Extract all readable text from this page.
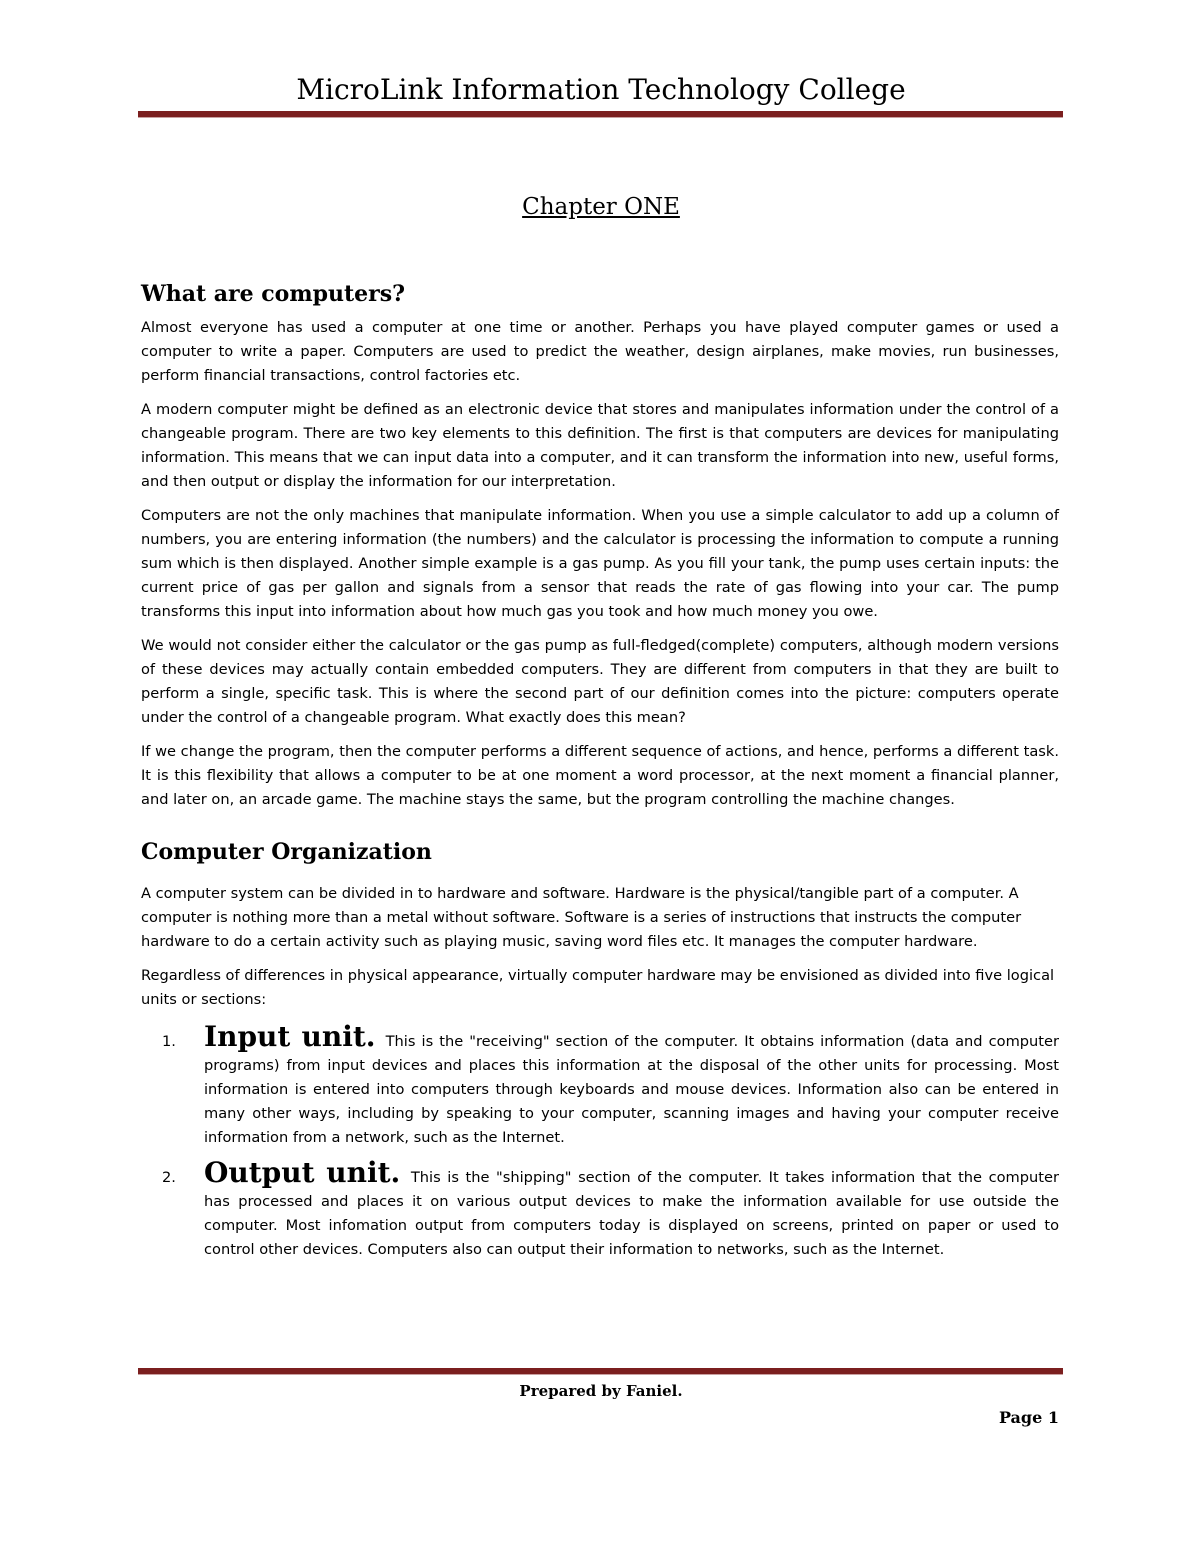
MicroLink Information Technology College
Chapter ONE
What are computers?

Almost everyone has used a computer at one time or another. Perhaps you have played computer games or used a computer to write a paper. Computers are used to predict the weather, design airplanes, make movies, run businesses, perform financial transactions, control factories etc.

A modern computer might be defined as an electronic device that stores and manipulates information under the control of a changeable program. There are two key elements to this definition. The first is that computers are devices for manipulating information. This means that we can input data into a computer, and it can transform the information into new, useful forms, and then output or display the information for our interpretation.

Computers are not the only machines that manipulate information. When you use a simple calculator to add up a column of numbers, you are entering information (the numbers) and the calculator is processing the information to compute a running sum which is then displayed. Another simple example is a gas pump. As you fill your tank, the pump uses certain inputs: the current price of gas per gallon and signals from a sensor that reads the rate of gas flowing into your car. The pump transforms this input into information about how much gas you took and how much money you owe.

We would not consider either the calculator or the gas pump as full-fledged(complete) computers, although modern versions of these devices may actually contain embedded computers. They are different from computers in that they are built to perform a single, specific task. This is where the second part of our definition comes into the picture: computers operate under the control of a changeable program. What exactly does this mean?

If we change the program, then the computer performs a different sequence of actions, and hence, performs a different task. It is this flexibility that allows a computer to be at one moment a word processor, at the next moment a financial planner, and later on, an arcade game. The machine stays the same, but the program controlling the machine changes.

Computer Organization

A computer system can be divided in to hardware and software. Hardware is the physical/tangible part of a computer. A computer is nothing more than a metal without software. Software is a series of instructions that instructs the computer hardware to do a certain activity such as playing music, saving word files etc. It manages the computer hardware.

Regardless of differences in physical appearance, virtually computer hardware may be envisioned as divided into five logical units or sections:

1. Input unit. This is the "receiving" section of the computer. It obtains information (data and computer programs) from input devices and places this information at the disposal of the other units for processing. Most information is entered into computers through keyboards and mouse devices. Information also can be entered in many other ways, including by speaking to your computer, scanning images and having your computer receive information from a network, such as the Internet.
2. Output unit. This is the "shipping" section of the computer. It takes information that the computer has processed and places it on various output devices to make the information available for use outside the computer. Most infomation output from computers today is displayed on screens, printed on paper or used to control other devices. Computers also can output their information to networks, such as the Internet.
Prepared by Faniel.
Page 1
